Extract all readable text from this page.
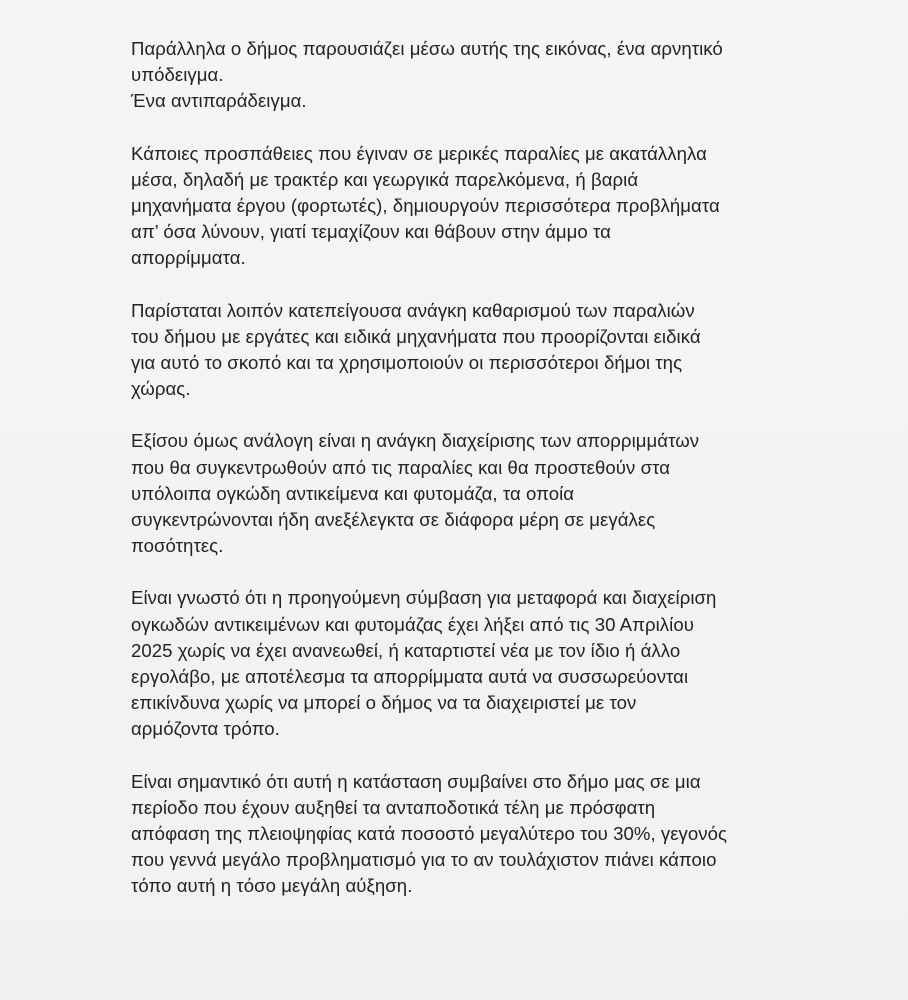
Παράλληλα ο δήμος παρουσιάζει μέσω αυτής της εικόνας, ένα αρνητικό
υπόδειγμα.
Ένα αντιπαράδειγμα.

Κάποιες προσπάθειες που έγιναν σε μερικές παραλίες με ακατάλληλα
μέσα, δηλαδή με τρακτέρ και γεωργικά παρελκόμενα, ή βαριά
μηχανήματα έργου (φορτωτές), δημιουργούν περισσότερα προβλήματα
απ’ όσα λύνουν, γιατί τεμαχίζουν και θάβουν στην άμμο τα
απορρίμματα.

Παρίσταται λοιπόν κατεπείγουσα ανάγκη καθαρισμού των παραλιών
του δήμου με εργάτες και ειδικά μηχανήματα που προορίζονται ειδικά
για αυτό το σκοπό και τα χρησιμοποιούν οι περισσότεροι δήμοι της
χώρας.

Εξίσου όμως ανάλογη είναι η ανάγκη διαχείρισης των απορριμμάτων
που θα συγκεντρωθούν από τις παραλίες και θα προστεθούν στα
υπόλοιπα ογκώδη αντικείμενα και φυτομάζα, τα οποία
συγκεντρώνονται ήδη ανεξέλεγκτα σε διάφορα μέρη σε μεγάλες
ποσότητες.

Είναι γνωστό ότι η προηγούμενη σύμβαση για μεταφορά και διαχείριση
ογκωδών αντικειμένων και φυτομάζας έχει λήξει από τις 30 Απριλίου
2025 χωρίς να έχει ανανεωθεί, ή καταρτιστεί νέα με τον ίδιο ή άλλο
εργολάβο, με αποτέλεσμα τα απορρίμματα αυτά να συσσωρεύονται
επικίνδυνα χωρίς να μπορεί ο δήμος να τα διαχειριστεί με τον
αρμόζοντα τρόπο.

Είναι σημαντικό ότι αυτή η κατάσταση συμβαίνει στο δήμο μας σε μια
περίοδο που έχουν αυξηθεί τα ανταποδοτικά τέλη με πρόσφατη
απόφαση της πλειοψηφίας κατά ποσοστό μεγαλύτερο του 30%, γεγονός
που γεννά μεγάλο προβληματισμό για το αν τουλάχιστον πιάνει κάποιο
τόπο αυτή η τόσο μεγάλη αύξηση.
